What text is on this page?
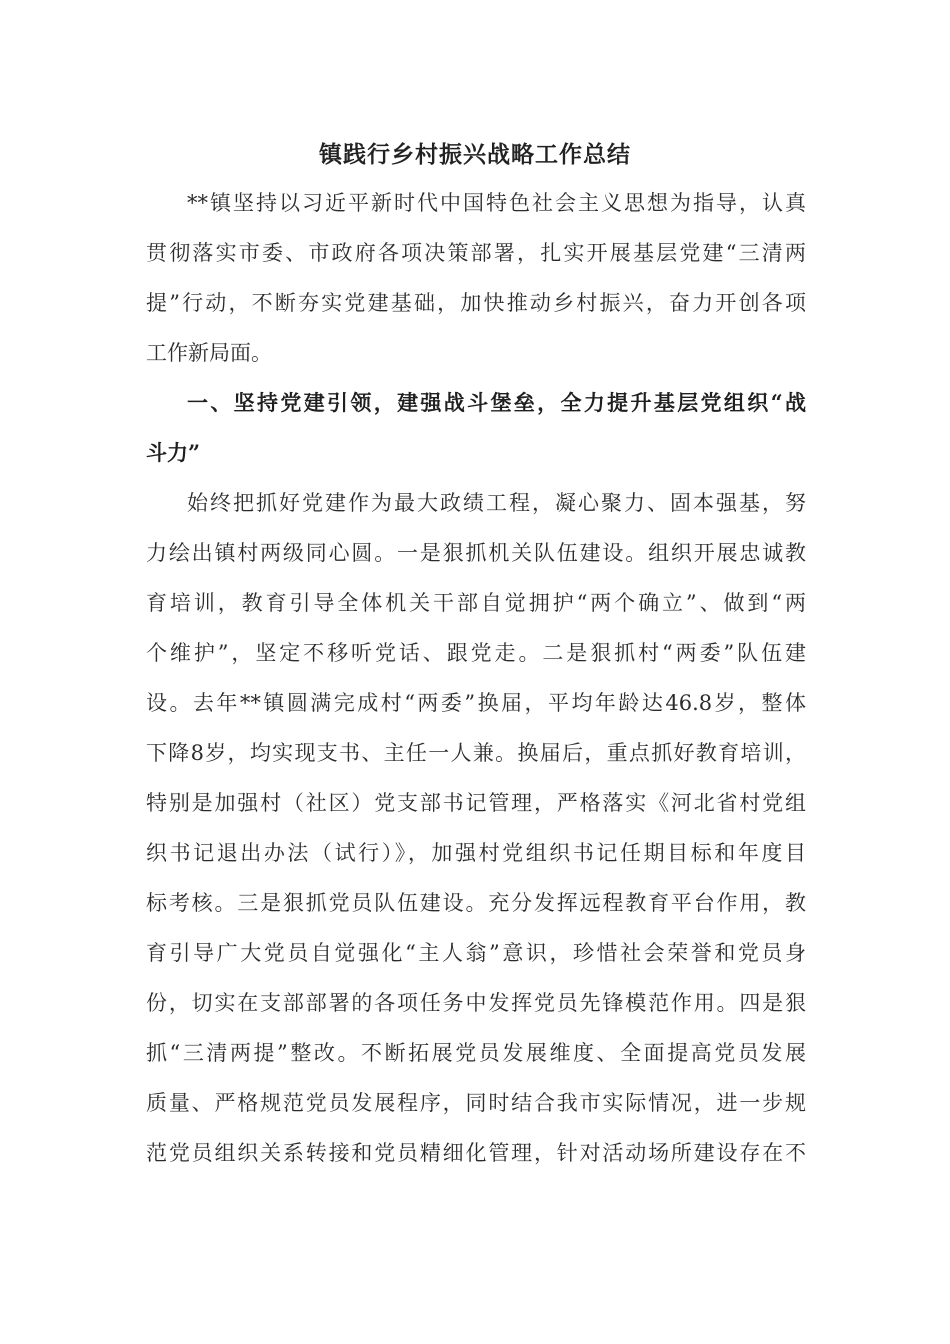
镇践行乡村振兴战略工作总结
**镇坚持以习近平新时代中国特色社会主义思想为指导，认真
贯彻落实市委、市政府各项决策部署，扎实开展基层党建“三清两
提”行动，不断夯实党建基础，加快推动乡村振兴，奋力开创各项
工作新局面。
一、坚持党建引领，建强战斗堡垒，全力提升基层党组织“战
斗力”
始终把抓好党建作为最大政绩工程，凝心聚力、固本强基，努
力绘出镇村两级同心圆。一是狠抓机关队伍建设。组织开展忠诚教
育培训，教育引导全体机关干部自觉拥护“两个确立”、做到“两
个维护”，坚定不移听党话、跟党走。二是狠抓村“两委”队伍建
设。去年**镇圆满完成村“两委”换届，平均年龄达46.8岁，整体
下降8岁，均实现支书、主任一人兼。换届后，重点抓好教育培训，
特别是加强村（社区）党支部书记管理，严格落实《河北省村党组
织书记退出办法（试行）》，加强村党组织书记任期目标和年度目
标考核。三是狠抓党员队伍建设。充分发挥远程教育平台作用，教
育引导广大党员自觉强化“主人翁”意识，珍惜社会荣誉和党员身
份，切实在支部部署的各项任务中发挥党员先锋模范作用。四是狠
抓“三清两提”整改。不断拓展党员发展维度、全面提高党员发展
质量、严格规范党员发展程序，同时结合我市实际情况，进一步规
范党员组织关系转接和党员精细化管理，针对活动场所建设存在不
